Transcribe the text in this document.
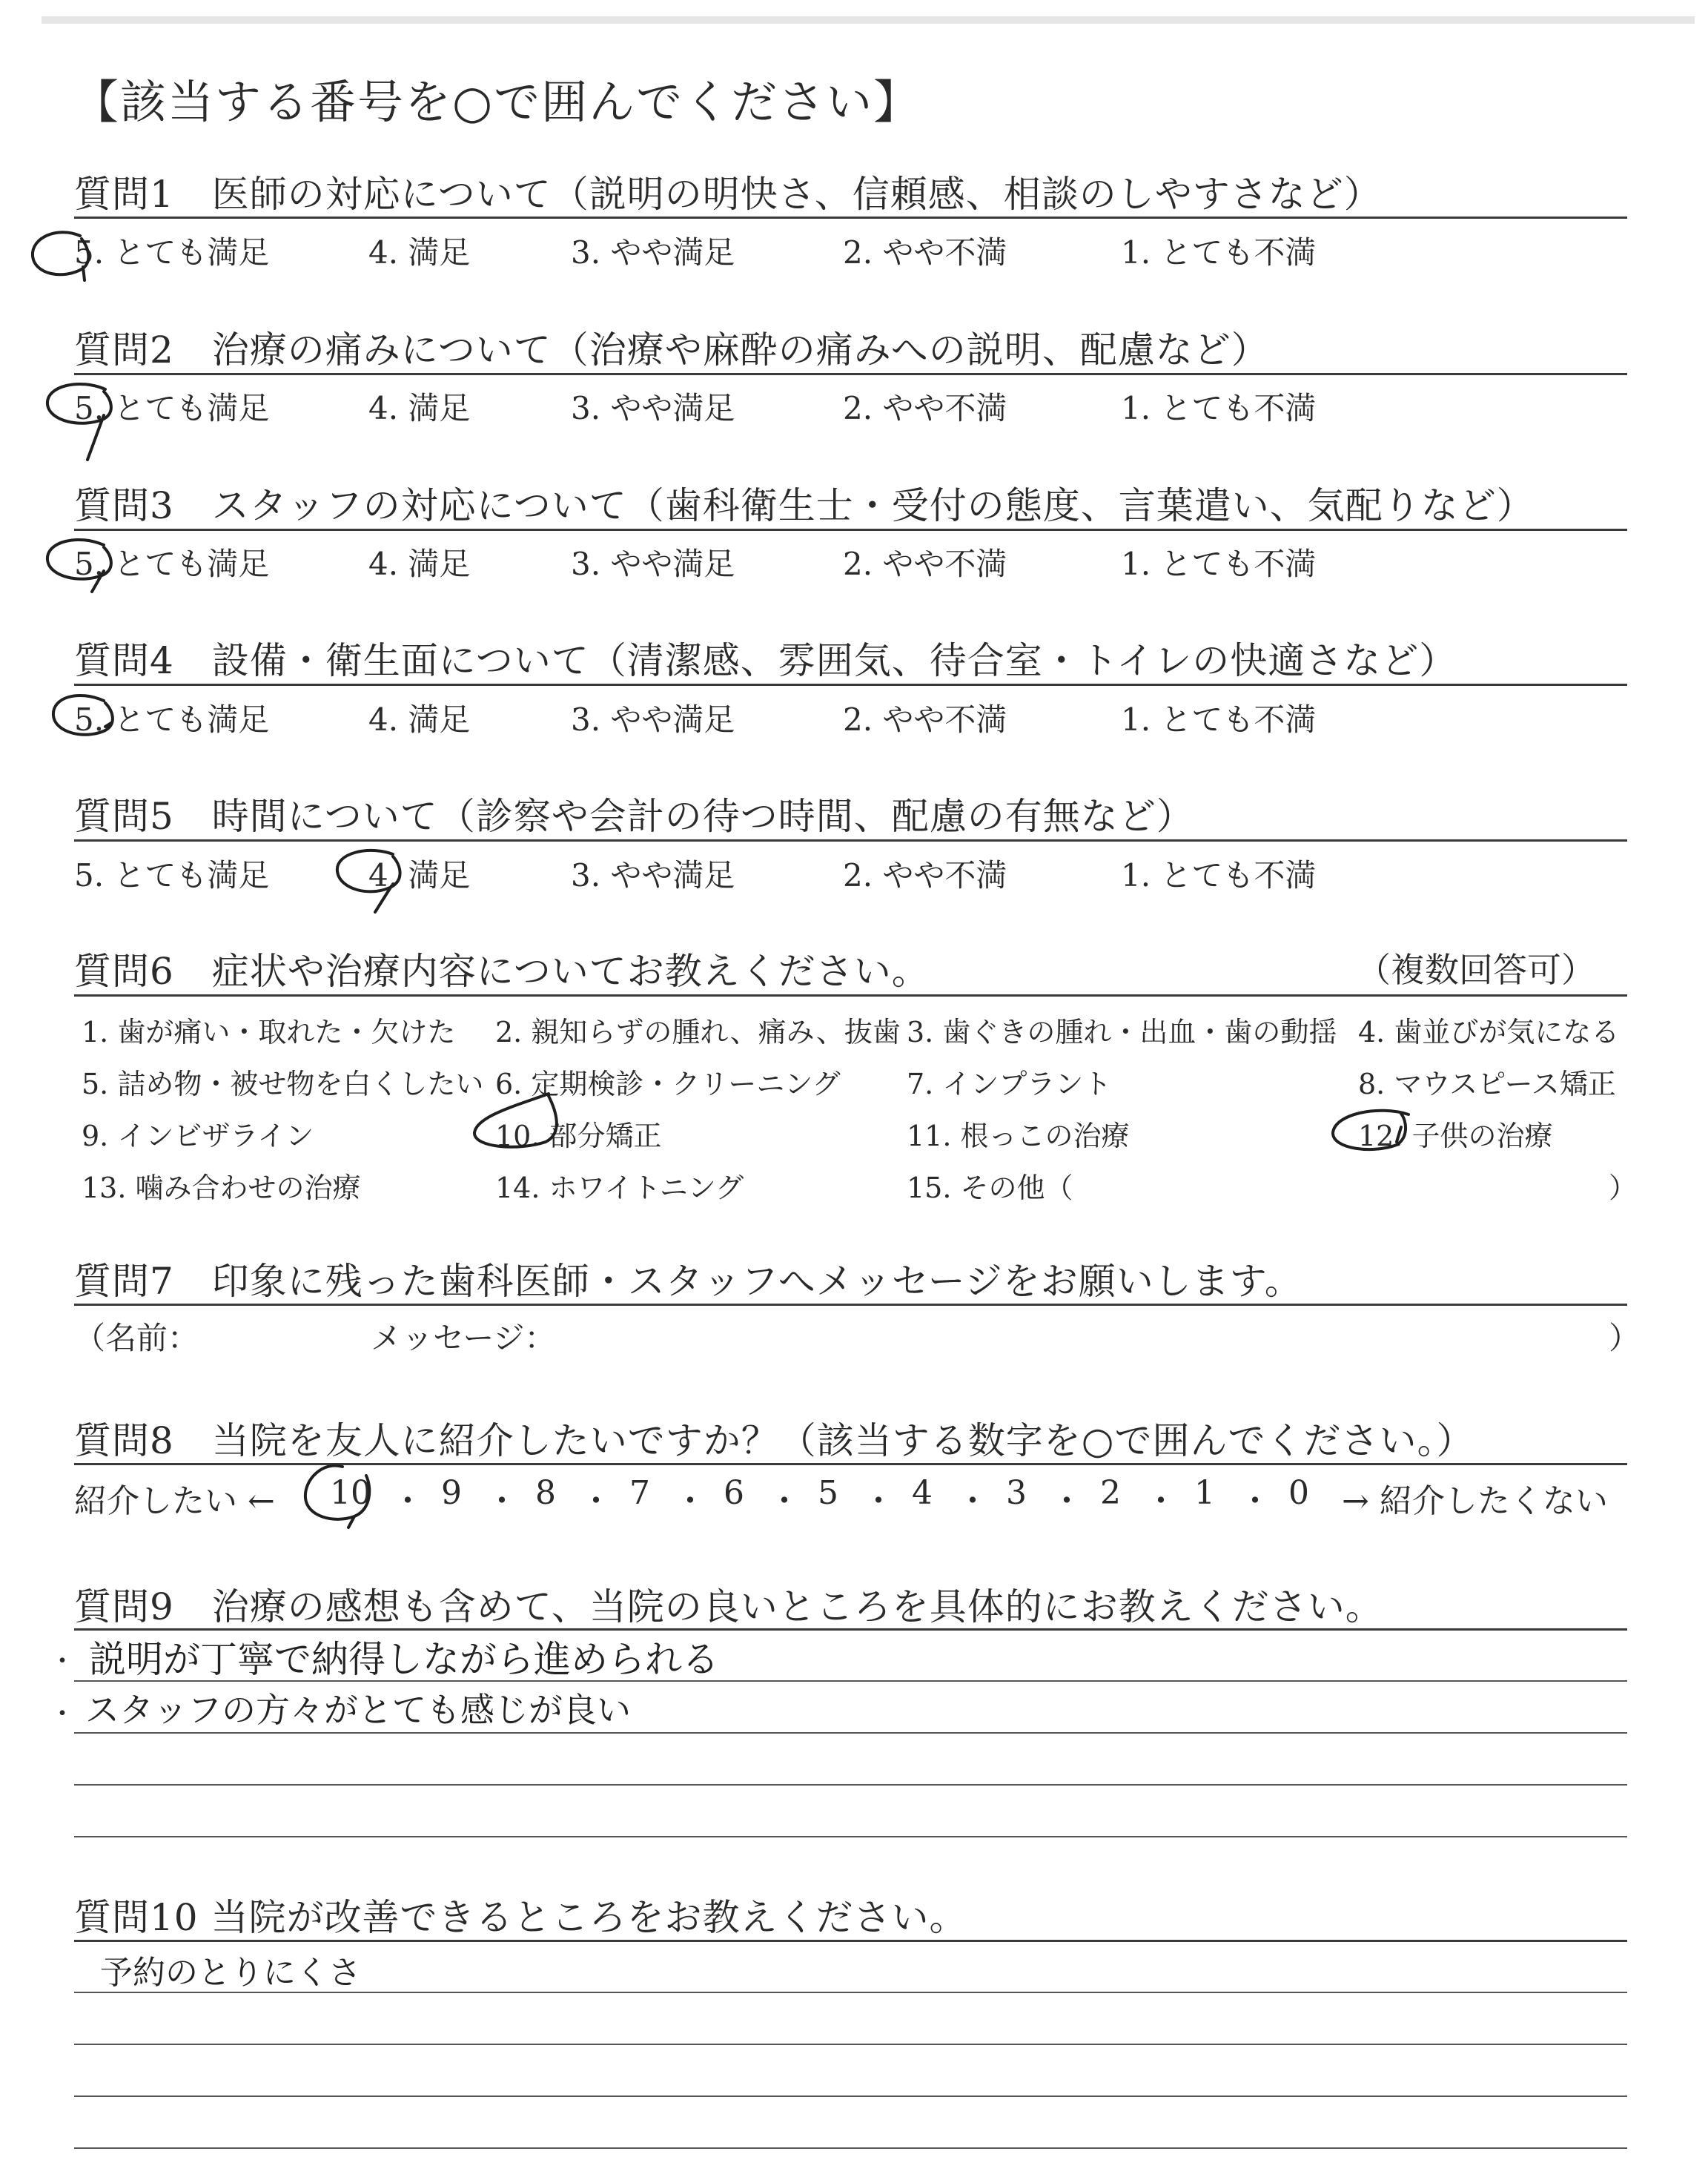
【該当する番号を○で囲んでください】
質問1　医師の対応について（説明の明快さ、信頼感、相談のしやすさなど）
5. とても満足	4. 満足	3. やや満足	2. やや不満	1. とても不満
質問2　治療の痛みについて（治療や麻酔の痛みへの説明、配慮など）
5. とても満足	4. 満足	3. やや満足	2. やや不満	1. とても不満
質問3　スタッフの対応について（歯科衛生士・受付の態度、言葉遣い、気配りなど）
5. とても満足	4. 満足	3. やや満足	2. やや不満	1. とても不満
質問4　設備・衛生面について（清潔感、雰囲気、待合室・トイレの快適さなど）
5. とても満足	4. 満足	3. やや満足	2. やや不満	1. とても不満
質問5　時間について（診察や会計の待つ時間、配慮の有無など）
5. とても満足	4. 満足	3. やや満足	2. やや不満	1. とても不満
質問6　症状や治療内容についてお教えください。	（複数回答可）
1. 歯が痛い・取れた・欠けた 2. 親知らずの腫れ、痛み、抜歯 3. 歯ぐきの腫れ・出血・歯の動揺 4. 歯並びが気になる
5. 詰め物・被せ物を白くしたい 6. 定期検診・クリーニング 7. インプラント	8. マウスピース矯正
9. インビザライン	10. 部分矯正	11. 根っこの治療	12. 子供の治療
13. 噛み合わせの治療	14. ホワイトニング	15. その他（	）
質問7　印象に残った歯科医師・スタッフへメッセージをお願いします。
（名前：	メッセージ：	）
質問8　当院を友人に紹介したいですか？（該当する数字を○で囲んでください。）
紹介したい ← 10 ・ 9 ・ 8 ・ 7 ・ 6 ・ 5 ・ 4 ・ 3 ・ 2 ・ 1 ・ 0 → 紹介したくない
質問9　治療の感想も含めて、当院の良いところを具体的にお教えください。
・
・
説明が丁寧で納得しながら進められる
スタッフの方々がとても感じが良い
質問10 当院が改善できるところをお教えください。
予約のとりにくさ
